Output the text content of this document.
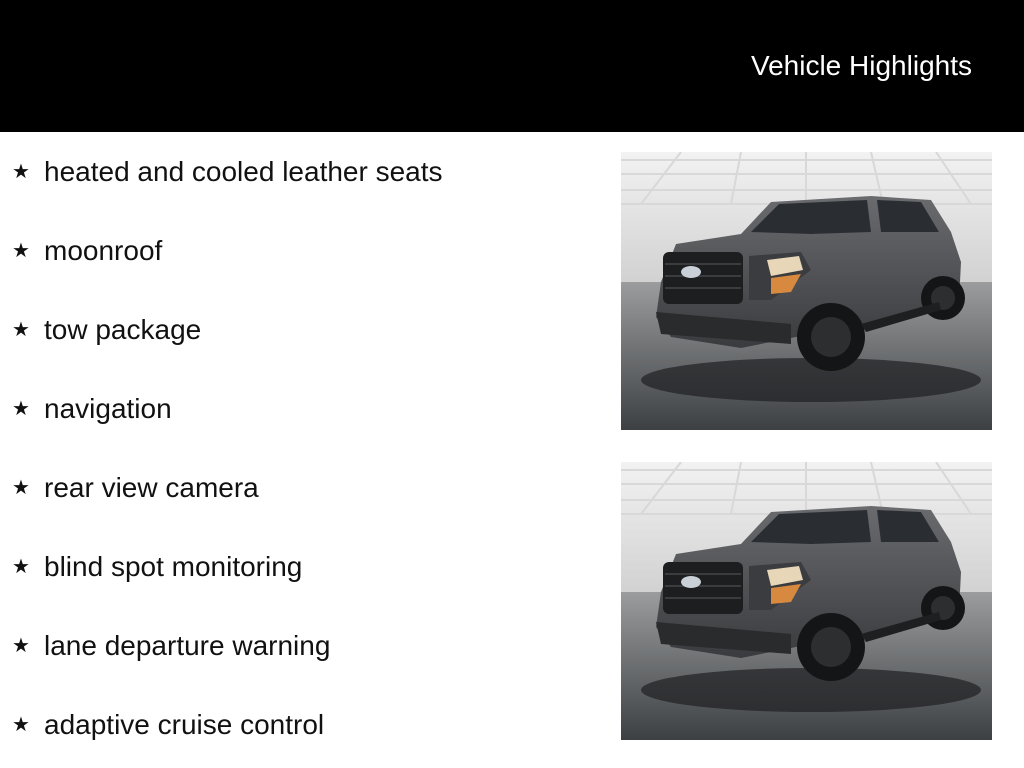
Vehicle Highlights
★ heated and cooled leather seats
★ moonroof
★ tow package
★ navigation
★ rear view camera
★ blind spot monitoring
★ lane departure warning
★ adaptive cruise control
